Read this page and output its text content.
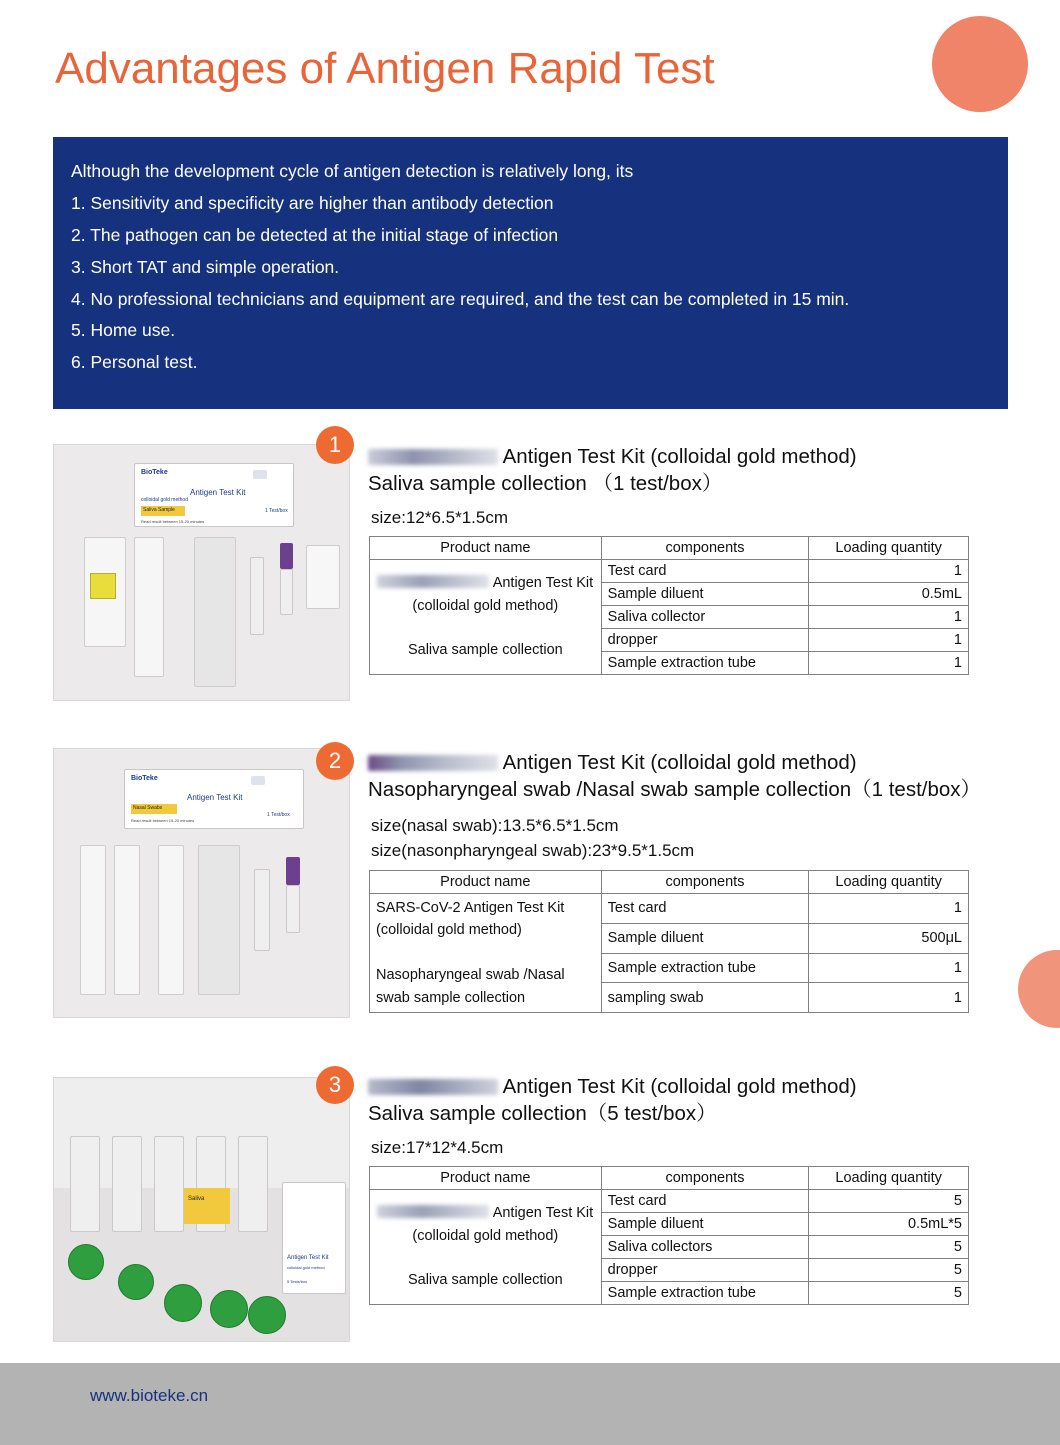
Advantages of Antigen Rapid Test

Although the development cycle of antigen detection is relatively long, its

1. Sensitivity and specificity are higher than antibody detection

2. The pathogen can be detected at the initial stage of infection

3. Short TAT and simple operation.

4. No professional technicians and equipment are required, and the test can be completed in 15 min.

5. Home use.

6. Personal test.

BioTeke
Antigen Test Kit
colloidal gold method
Saliva Sample
Read result between 15-20 minutes
1 Test/box
1	Antigen Test Kit (colloidal gold method)
Saliva sample collection （1 test/box）
size:12*6.5*1.5cm
Product name	components	Loading quantity
Antigen Test Kit
(colloidal gold method)

Saliva sample collection	Test card	1
	Sample diluent	0.5mL
	Saliva collector	1
	dropper	1
	Sample extraction tube	1
BioTeke
Antigen Test Kit
Nasal Swabs
Read result between 15-20 minutes
1 Test/box
2	Antigen Test Kit (colloidal gold method)
Nasopharyngeal swab /Nasal swab sample collection（1 test/box）
size(nasal swab):13.5*6.5*1.5cm
size(nasonpharyngeal swab):23*9.5*1.5cm
Product name	components	Loading quantity
SARS-CoV-2 Antigen Test Kit
(colloidal gold method)

Nasopharyngeal swab /Nasal
swab sample collection	Test card	1
	Sample diluent	500μL
	Sample extraction tube	1
	sampling swab	1
Antigen Test Kit
colloidal gold method
5 Tests/box
Saliva
3	Antigen Test Kit (colloidal gold method)
Saliva sample collection（5 test/box）
size:17*12*4.5cm
Product name	components	Loading quantity
Antigen Test Kit
(colloidal gold method)

Saliva sample collection	Test card	5
	Sample diluent	0.5mL*5
	Saliva collectors	5
	dropper	5
	Sample extraction tube	5
www.bioteke.cn
